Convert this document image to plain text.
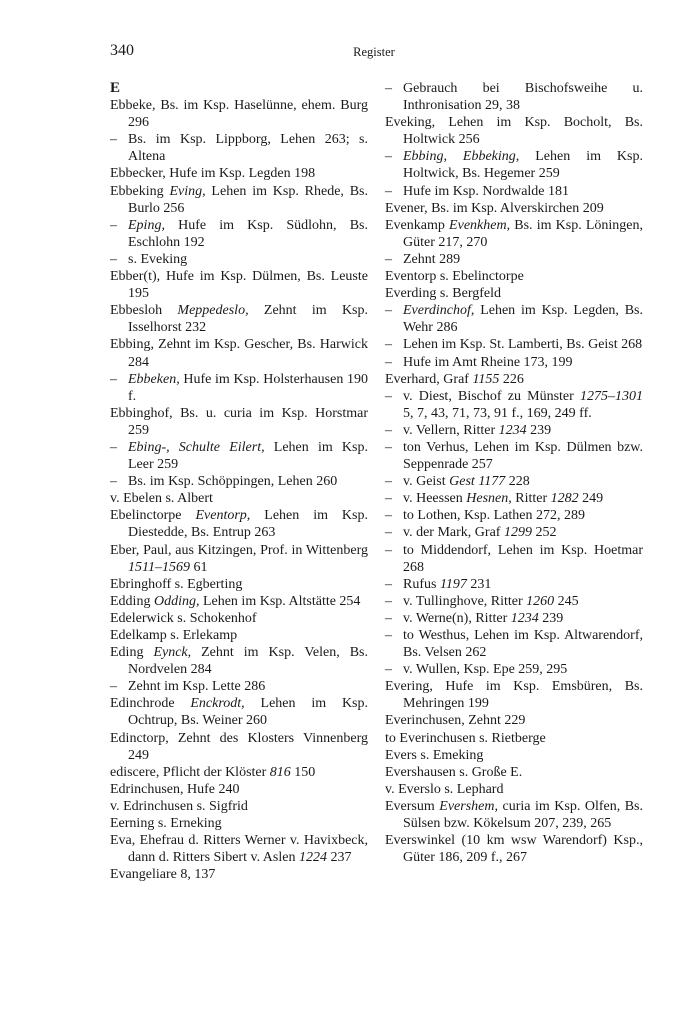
340	Register

E

Ebbeke, Bs. im Ksp. Haselünne, ehem. Burg 296

– Bs. im Ksp. Lippborg, Lehen 263; s. Altena

Ebbecker, Hufe im Ksp. Legden 198

Ebbeking Eving, Lehen im Ksp. Rhede, Bs. Burlo 256

– Eping, Hufe im Ksp. Südlohn, Bs. Eschlohn 192

– s. Eveking

Ebber(t), Hufe im Ksp. Dülmen, Bs. Leuste 195

Ebbesloh Meppedeslo, Zehnt im Ksp. Isselhorst 232

Ebbing, Zehnt im Ksp. Gescher, Bs. Harwick 284

– Ebbeken, Hufe im Ksp. Holsterhausen 190 f.

Ebbinghof, Bs. u. curia im Ksp. Horstmar 259

– Ebing-, Schulte Eilert, Lehen im Ksp. Leer 259

– Bs. im Ksp. Schöppingen, Lehen 260

v. Ebelen s. Albert

Ebelinctorpe Eventorp, Lehen im Ksp. Diestedde, Bs. Entrup 263

Eber, Paul, aus Kitzingen, Prof. in Wittenberg 1511–1569 61

Ebringhoff s. Egberting

Edding Odding, Lehen im Ksp. Altstätte 254

Edelerwick s. Schokenhof

Edelkamp s. Erlekamp

Eding Eynck, Zehnt im Ksp. Velen, Bs. Nordvelen 284

– Zehnt im Ksp. Lette 286

Edinchrode Enckrodt, Lehen im Ksp. Ochtrup, Bs. Weiner 260

Edinctorp, Zehnt des Klosters Vinnenberg 249

ediscere, Pflicht der Klöster 816 150

Edrinchusen, Hufe 240

v. Edrinchusen s. Sigfrid

Eerning s. Erneking

Eva, Ehefrau d. Ritters Werner v. Havixbeck, dann d. Ritters Sibert v. Aslen 1224 237

Evangeliare 8, 137

– Gebrauch bei Bischofsweihe u. Inthronisation 29, 38

Eveking, Lehen im Ksp. Bocholt, Bs. Holtwick 256

– Ebbing, Ebbeking, Lehen im Ksp. Holtwick, Bs. Hegemer 259

– Hufe im Ksp. Nordwalde 181

Evener, Bs. im Ksp. Alverskirchen 209

Evenkamp Evenkhem, Bs. im Ksp. Löningen, Güter 217, 270

– Zehnt 289

Eventorp s. Ebelinctorpe

Everding s. Bergfeld

– Everdinchof, Lehen im Ksp. Legden, Bs. Wehr 286

– Lehen im Ksp. St. Lamberti, Bs. Geist 268

– Hufe im Amt Rheine 173, 199

Everhard, Graf 1155 226

– v. Diest, Bischof zu Münster 1275–1301 5, 7, 43, 71, 73, 91 f., 169, 249 ff.

– v. Vellern, Ritter 1234 239

– ton Verhus, Lehen im Ksp. Dülmen bzw. Seppenrade 257

– v. Geist Gest 1177 228

– v. Heessen Hesnen, Ritter 1282 249

– to Lothen, Ksp. Lathen 272, 289

– v. der Mark, Graf 1299 252

– to Middendorf, Lehen im Ksp. Hoetmar 268

– Rufus 1197 231

– v. Tullinghove, Ritter 1260 245

– v. Werne(n), Ritter 1234 239

– to Westhus, Lehen im Ksp. Altwarendorf, Bs. Velsen 262

– v. Wullen, Ksp. Epe 259, 295

Evering, Hufe im Ksp. Emsbüren, Bs. Mehringen 199

Everinchusen, Zehnt 229

to Everinchusen s. Rietberge

Evers s. Emeking

Evershausen s. Große E.

v. Everslo s. Lephard

Eversum Evershem, curia im Ksp. Olfen, Bs. Sülsen bzw. Kökelsum 207, 239, 265

Everswinkel (10 km wsw Warendorf) Ksp., Güter 186, 209 f., 267
